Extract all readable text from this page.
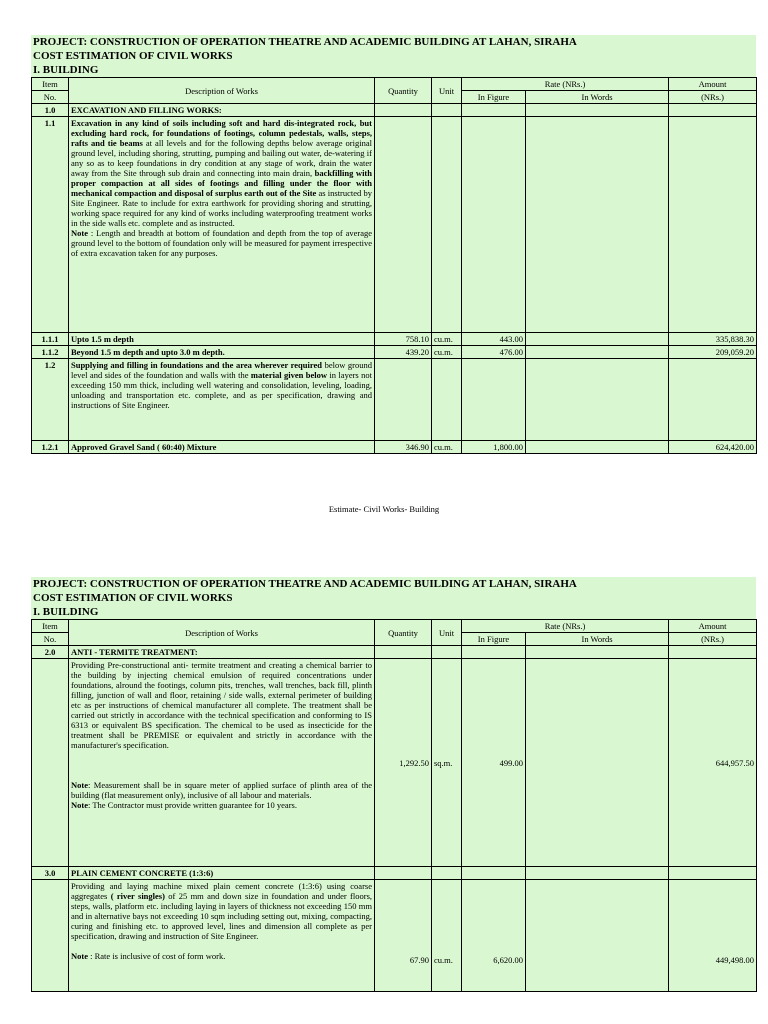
PROJECT: CONSTRUCTION OF OPERATION THEATRE AND ACADEMIC BUILDING AT LAHAN, SIRAHA
COST ESTIMATION OF CIVIL WORKS
I. BUILDING
Item	Description of Works	Quantity	Unit	Rate (NRs.)		Amount
No.				In Figure	In Words	(NRs.)
1.0	EXCAVATION AND FILLING WORKS:					
1.1	Excavation in any kind of soils including soft and hard dis-integrated rock, but excluding hard rock, for foundations of footings, column pedestals, walls, steps, rafts and tie beams at all levels and for the following depths below average original ground level, including shoring, strutting, pumping and bailing out water, de-watering if any so as to keep foundations in dry condition at any stage of work, drain the water away from the Site through sub drain and connecting into main drain, backfilling with proper compaction at all sides of footings and filling under the floor with mechanical compaction and disposal of surplus earth out of the Site as instructed by Site Engineer. Rate to include for extra earthwork for providing shoring and strutting, working space required for any kind of works including waterproofing treatment works in the side walls etc. complete and as instructed.
Note : Length and breadth at bottom of foundation and depth from the top of average ground level to the bottom of foundation only will be measured for payment irrespective of extra excavation taken for any purposes.					
1.1.1	Upto 1.5 m depth	758.10	cu.m.	443.00		335,838.30
1.1.2	Beyond 1.5 m depth and upto 3.0 m depth.	439.20	cu.m.	476.00		209,059.20
1.2	Supplying and filling in foundations and the area wherever required below ground level and sides of the foundation and walls with the material given below in layers not exceeding 150 mm thick, including well watering and consolidation, leveling, loading, unloading and transportation etc. complete, and as per specification, drawing and instructions of Site Engineer.					
1.2.1	Approved Gravel Sand ( 60:40) Mixture	346.90	cu.m.	1,800.00		624,420.00
Estimate- Civil Works- Building
PROJECT: CONSTRUCTION OF OPERATION THEATRE AND ACADEMIC BUILDING AT LAHAN, SIRAHA
COST ESTIMATION OF CIVIL WORKS
I. BUILDING
Item	Description of Works	Quantity	Unit	Rate (NRs.)		Amount
No.				In Figure	In Words	(NRs.)
2.0	ANTI - TERMITE TREATMENT:					
	Providing Pre-constructional anti- termite treatment and creating a chemical barrier to the building by injecting chemical emulsion of required concentrations under foundations, alround the footings, column pits, trenches, wall trenches, back fill, plinth filling, junction of wall and floor, retaining / side walls, external perimeter of building etc as per instructions of chemical manufacturer all complete. The treatment shall be carried out strictly in accordance with the technical specification and conforming to IS 6313 or equivalent BS specification. The chemical to be used as insecticide for the treatment shall be PREMISE or equivalent and strictly in accordance with the manufacturer's specification.

Note: Measurement shall be in square meter of applied surface of plinth area of the building (flat measurement only), inclusive of all labour and materials.
Note: The Contractor must provide written guarantee for 10 years.	1,292.50	sq.m.	499.00		644,957.50
3.0	PLAIN CEMENT CONCRETE (1:3:6)					
	Providing and laying machine mixed plain cement concrete (1:3:6) using coarse aggregates ( river singles) of 25 mm and down size in foundation and under floors, steps, walls, platform etc. including laying in layers of thickness not exceeding 150 mm and in alternative bays not exceeding 10 sqm including setting out, mixing, compacting, curing and finishing etc. to approved level, lines and dimension all complete as per specification, drawing and instruction of Site Engineer.

Note : Rate is inclusive of cost of form work.	67.90	cu.m.	6,620.00		449,498.00
